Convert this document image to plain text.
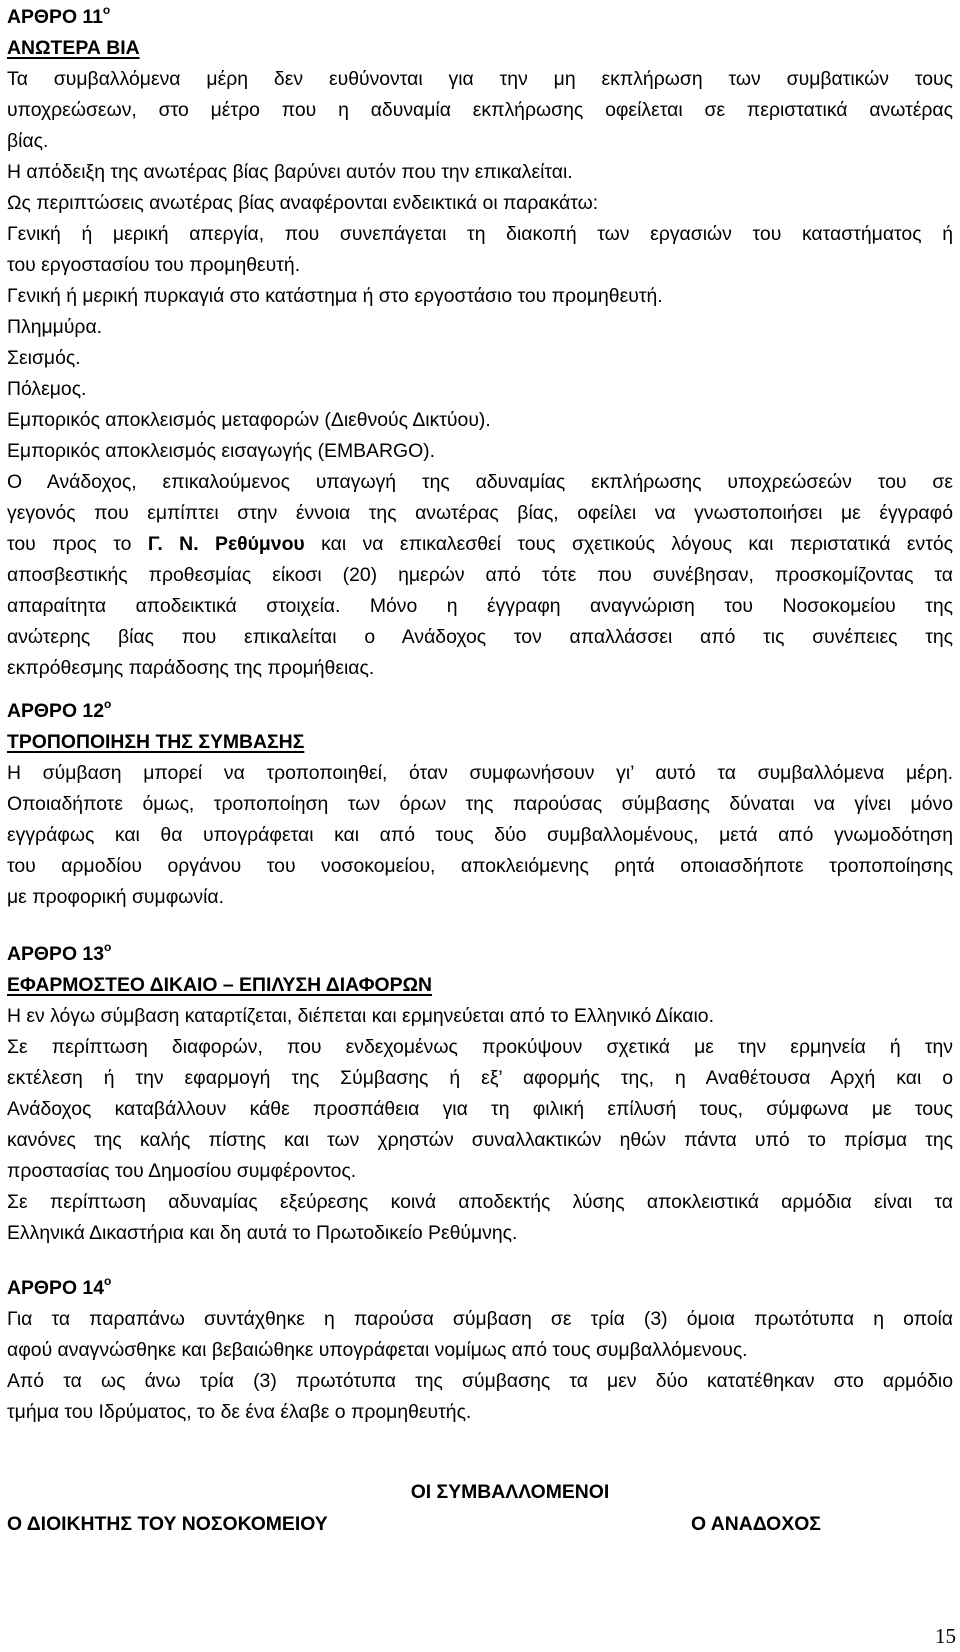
ΑΡΘΡΟ $11^o$
ΑΝΩΤΕΡΑ ΒΙΑ
Τα συμβαλλόμενα μέρη δεν ευθύνονται για την μη εκπλήρωση των συμβατικών τους
υποχρεώσεων, στο μέτρο που η αδυναμία εκπλήρωσης οφείλεται σε περιστατικά ανωτέρας
βίας.
Η απόδειξη της ανωτέρας βίας βαρύνει αυτόν που την επικαλείται.
Ως περιπτώσεις ανωτέρας βίας αναφέρονται ενδεικτικά οι παρακάτω:
Γενική ή μερική απεργία, που συνεπάγεται τη διακοπή των εργασιών του καταστήματος ή
του εργοστασίου του προμηθευτή.
Γενική ή μερική πυρκαγιά στο κατάστημα ή στο εργοστάσιο του προμηθευτή.
Πλημμύρα.
Σεισμός.
Πόλεμος.
Εμπορικός αποκλεισμός μεταφορών (Διεθνούς Δικτύου).
Εμπορικός αποκλεισμός εισαγωγής (EMBARGO).
Ο Ανάδοχος, επικαλούμενος υπαγωγή της αδυναμίας εκπλήρωσης υποχρεώσεών του σε
γεγονός που εμπίπτει στην έννοια της ανωτέρας βίας, οφείλει να γνωστοποιήσει με έγγραφό
του προς το Γ. Ν. Ρεθύμνου και να επικαλεσθεί τους σχετικούς λόγους και περιστατικά εντός
αποσβεστικής προθεσμίας είκοσι (20) ημερών από τότε που συνέβησαν, προσκομίζοντας τα
απαραίτητα αποδεικτικά στοιχεία. Μόνο η έγγραφη αναγνώριση του Νοσοκομείου της
ανώτερης βίας που επικαλείται ο Ανάδοχος τον απαλλάσσει από τις συνέπειες της
εκπρόθεσμης παράδοσης της προμήθειας.
ΑΡΘΡΟ $12^o$
ΤΡΟΠΟΠΟΙΗΣΗ ΤΗΣ ΣΥΜΒΑΣΗΣ
Η σύμβαση μπορεί να τροποποιηθεί, όταν συμφωνήσουν γι’ αυτό τα συμβαλλόμενα μέρη.
Οποιαδήποτε όμως, τροποποίηση των όρων της παρούσας σύμβασης δύναται να γίνει μόνο
εγγράφως και θα υπογράφεται και από τους δύο συμβαλλομένους, μετά από γνωμοδότηση
του αρμοδίου οργάνου του νοσοκομείου, αποκλειόμενης ρητά οποιασδήποτε τροποποίησης
με προφορική συμφωνία.
ΑΡΘΡΟ $13^o$
ΕΦΑΡΜΟΣΤΕΟ ΔΙΚΑΙΟ – ΕΠΙΛΥΣΗ ΔΙΑΦΟΡΩΝ
Η εν λόγω σύμβαση καταρτίζεται, διέπεται και ερμηνεύεται από το Ελληνικό Δίκαιο.
Σε περίπτωση διαφορών, που ενδεχομένως προκύψουν σχετικά με την ερμηνεία ή την
εκτέλεση ή την εφαρμογή της Σύμβασης ή εξ’ αφορμής της, η Αναθέτουσα Αρχή και ο
Ανάδοχος καταβάλλουν κάθε προσπάθεια για τη φιλική επίλυσή τους, σύμφωνα με τους
κανόνες της καλής πίστης και των χρηστών συναλλακτικών ηθών πάντα υπό το πρίσμα της
προστασίας του Δημοσίου συμφέροντος.
Σε περίπτωση αδυναμίας εξεύρεσης κοινά αποδεκτής λύσης αποκλειστικά αρμόδια είναι τα
Ελληνικά Δικαστήρια και δη αυτά το Πρωτοδικείο Ρεθύμνης.
ΑΡΘΡΟ $14^o$
Για τα παραπάνω συντάχθηκε η παρούσα σύμβαση σε τρία (3) όμοια πρωτότυπα η οποία
αφού αναγνώσθηκε και βεβαιώθηκε υπογράφεται νομίμως από τους συμβαλλόμενους.
Από τα ως άνω τρία (3) πρωτότυπα της σύμβασης τα μεν δύο κατατέθηκαν στο αρμόδιο
τμήμα του Ιδρύματος, το δε ένα έλαβε ο προμηθευτής.
ΟΙ ΣΥΜΒΑΛΛΟΜΕΝΟΙ
Ο ΔΙΟΙΚΗΤΗΣ ΤΟΥ ΝΟΣΟΚΟΜΕΙΟΥ	Ο ΑΝΑΔΟΧΟΣ
15
